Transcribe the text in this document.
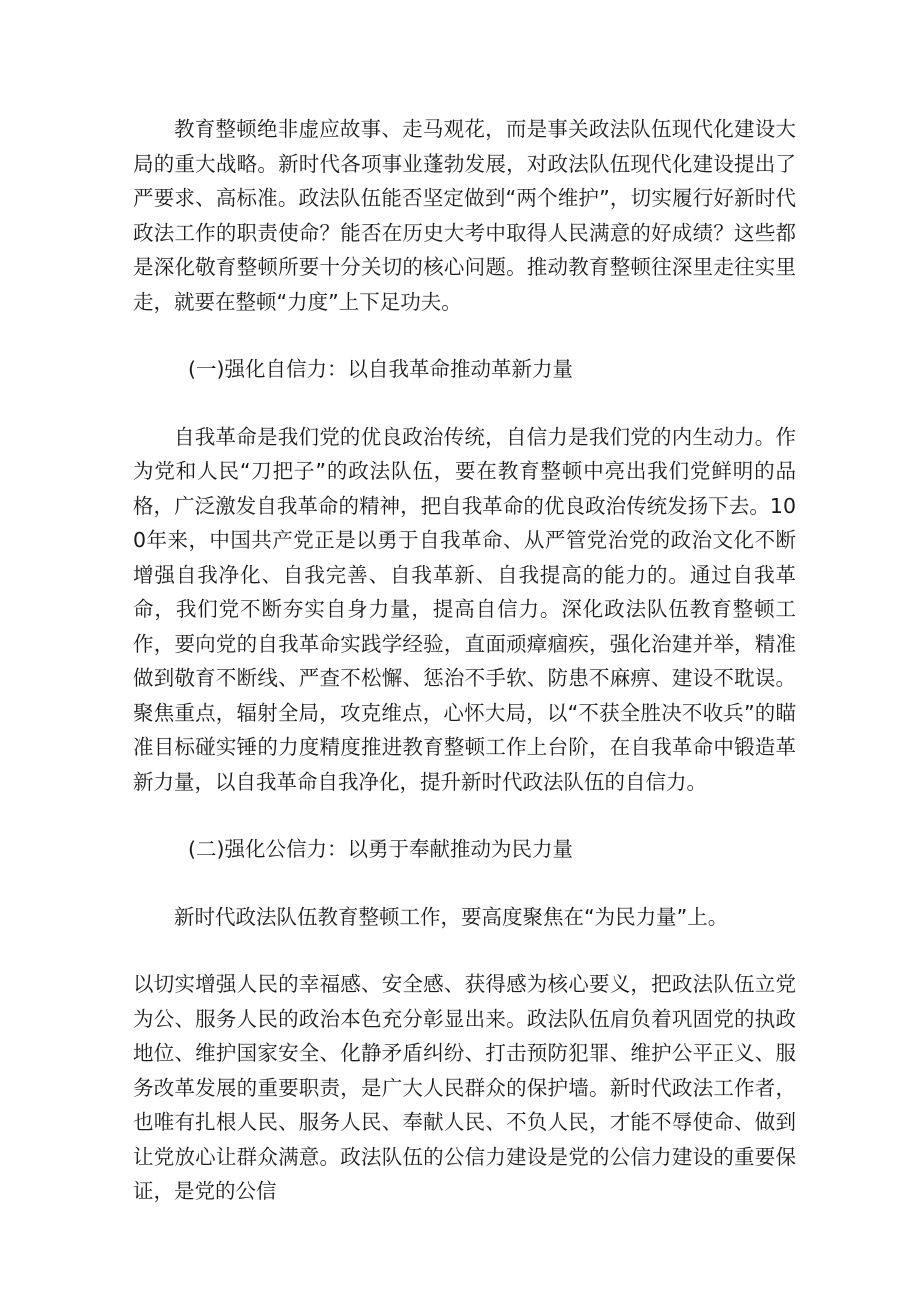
教育整顿绝非虚应故事、走马观花，而是事关政法队伍现代化建设大局的重大战略。新时代各项事业蓬勃发展，对政法队伍现代化建设提出了严要求、高标准。政法队伍能否坚定做到“两个维护”，切实履行好新时代政法工作的职责使命？能否在历史大考中取得人民满意的好成绩？这些都是深化敬育整顿所要十分关切的核心问题。推动教育整顿往深里走往实里走，就要在整顿“力度”上下足功夫。

(一)强化自信力：以自我革命推动革新力量

自我革命是我们党的优良政治传统，自信力是我们党的内生动力。作为党和人民“刀把子”的政法队伍，要在教育整顿中亮出我们党鲜明的品格，广泛激发自我革命的精神，把自我革命的优良政治传统发扬下去。100年来，中国共产党正是以勇于自我革命、从严管党治党的政治文化不断增强自我净化、自我完善、自我革新、自我提高的能力的。通过自我革命，我们党不断夯实自身力量，提高自信力。深化政法队伍教育整顿工作，要向党的自我革命实践学经验，直面顽瘴痼疾，强化治建并举，精准做到敬育不断线、严查不松懈、惩治不手软、防患不麻痹、建设不耽误。聚焦重点，辐射全局，攻克维点，心怀大局，以“不获全胜决不收兵”的瞄准目标碰实锤的力度精度推进教育整顿工作上台阶，在自我革命中锻造革新力量，以自我革命自我净化，提升新时代政法队伍的自信力。

(二)强化公信力：以勇于奉献推动为民力量

新时代政法队伍教育整顿工作，要高度聚焦在“为民力量”上。

以切实增强人民的幸福感、安全感、获得感为核心要义，把政法队伍立党为公、服务人民的政治本色充分彰显出来。政法队伍肩负着巩固党的执政地位、维护国家安全、化静矛盾纠纷、打击预防犯罪、维护公平正义、服务改革发展的重要职责，是广大人民群众的保护墙。新时代政法工作者，也唯有扎根人民、服务人民、奉献人民、不负人民，才能不辱使命、做到让党放心让群众满意。政法队伍的公信力建设是党的公信力建设的重要保证，是党的公信
